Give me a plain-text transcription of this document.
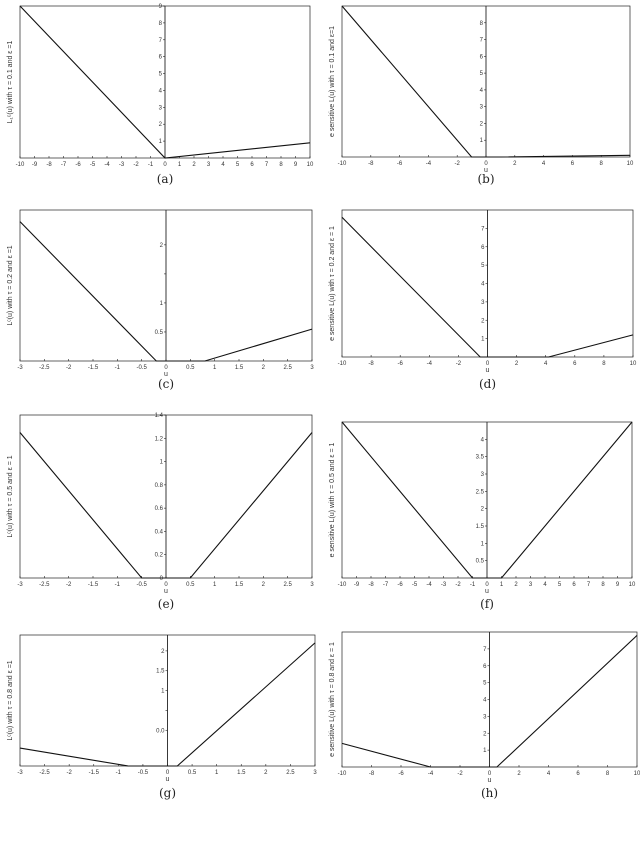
-10 -9 -8 -7 -6 -5 -4 -3 -2 -1 0 1 2 3 4 5 6 7 8 9 10
1
2
3
4
5
6
7
8
9
L₁ᶜ(u) with τ = 0.1 and ε =1
(a)
-10	-8	-6	-4	-2	0	2	4	6	8	10
1
2
3
4
5
6
7
8
e sensitive L(u) with τ = 0.1 and ε=1
u
(b)
-3	-2.5	-2	-1.5	-1	-0.5	0	0.5	1	1.5	2	2.5	3
0.5
1
2
Lᶜ(u) with τ = 0.2 and ε =1
u
(c)
-10	-8	-6	-4	-2	0	2	4	6	8	10
1
2
3
4
5
6
7
e sensitive L(u) with τ = 0.2 and ε = 1
u
(d)
-3	-2.5	-2	-1.5	-1	-0.5	0	0.5	1	1.5	2	2.5	3
0
0.2
0.4
0.6
0.8
1
1.2
1.4
Lᶜ(u) with τ = 0.5 and ε = 1
u
(e)
-10 -9 -8 -7 -6 -5 -4 -3 -2 -1 0 1 2 3 4 5 6 7 8 9 10
0.5
1
1.5
2
2.5
3
3.5
4
e sensitive L(u) with τ = 0.5 and ε = 1
u
(f)
-3	-2.5	-2	-1.5	-1	-0.5	0	0.5	1	1.5	2	2.5	3
0.0
1
1.5
2
Lᶜ(u) with τ = 0.8 and ε =1
u
(g)
-10	-8	-6	-4	-2	0	2	4	6	8	10
1
2
3
4
5
6
7
e sensitive L(u) with τ = 0.8 and ε = 1
u
(h)
